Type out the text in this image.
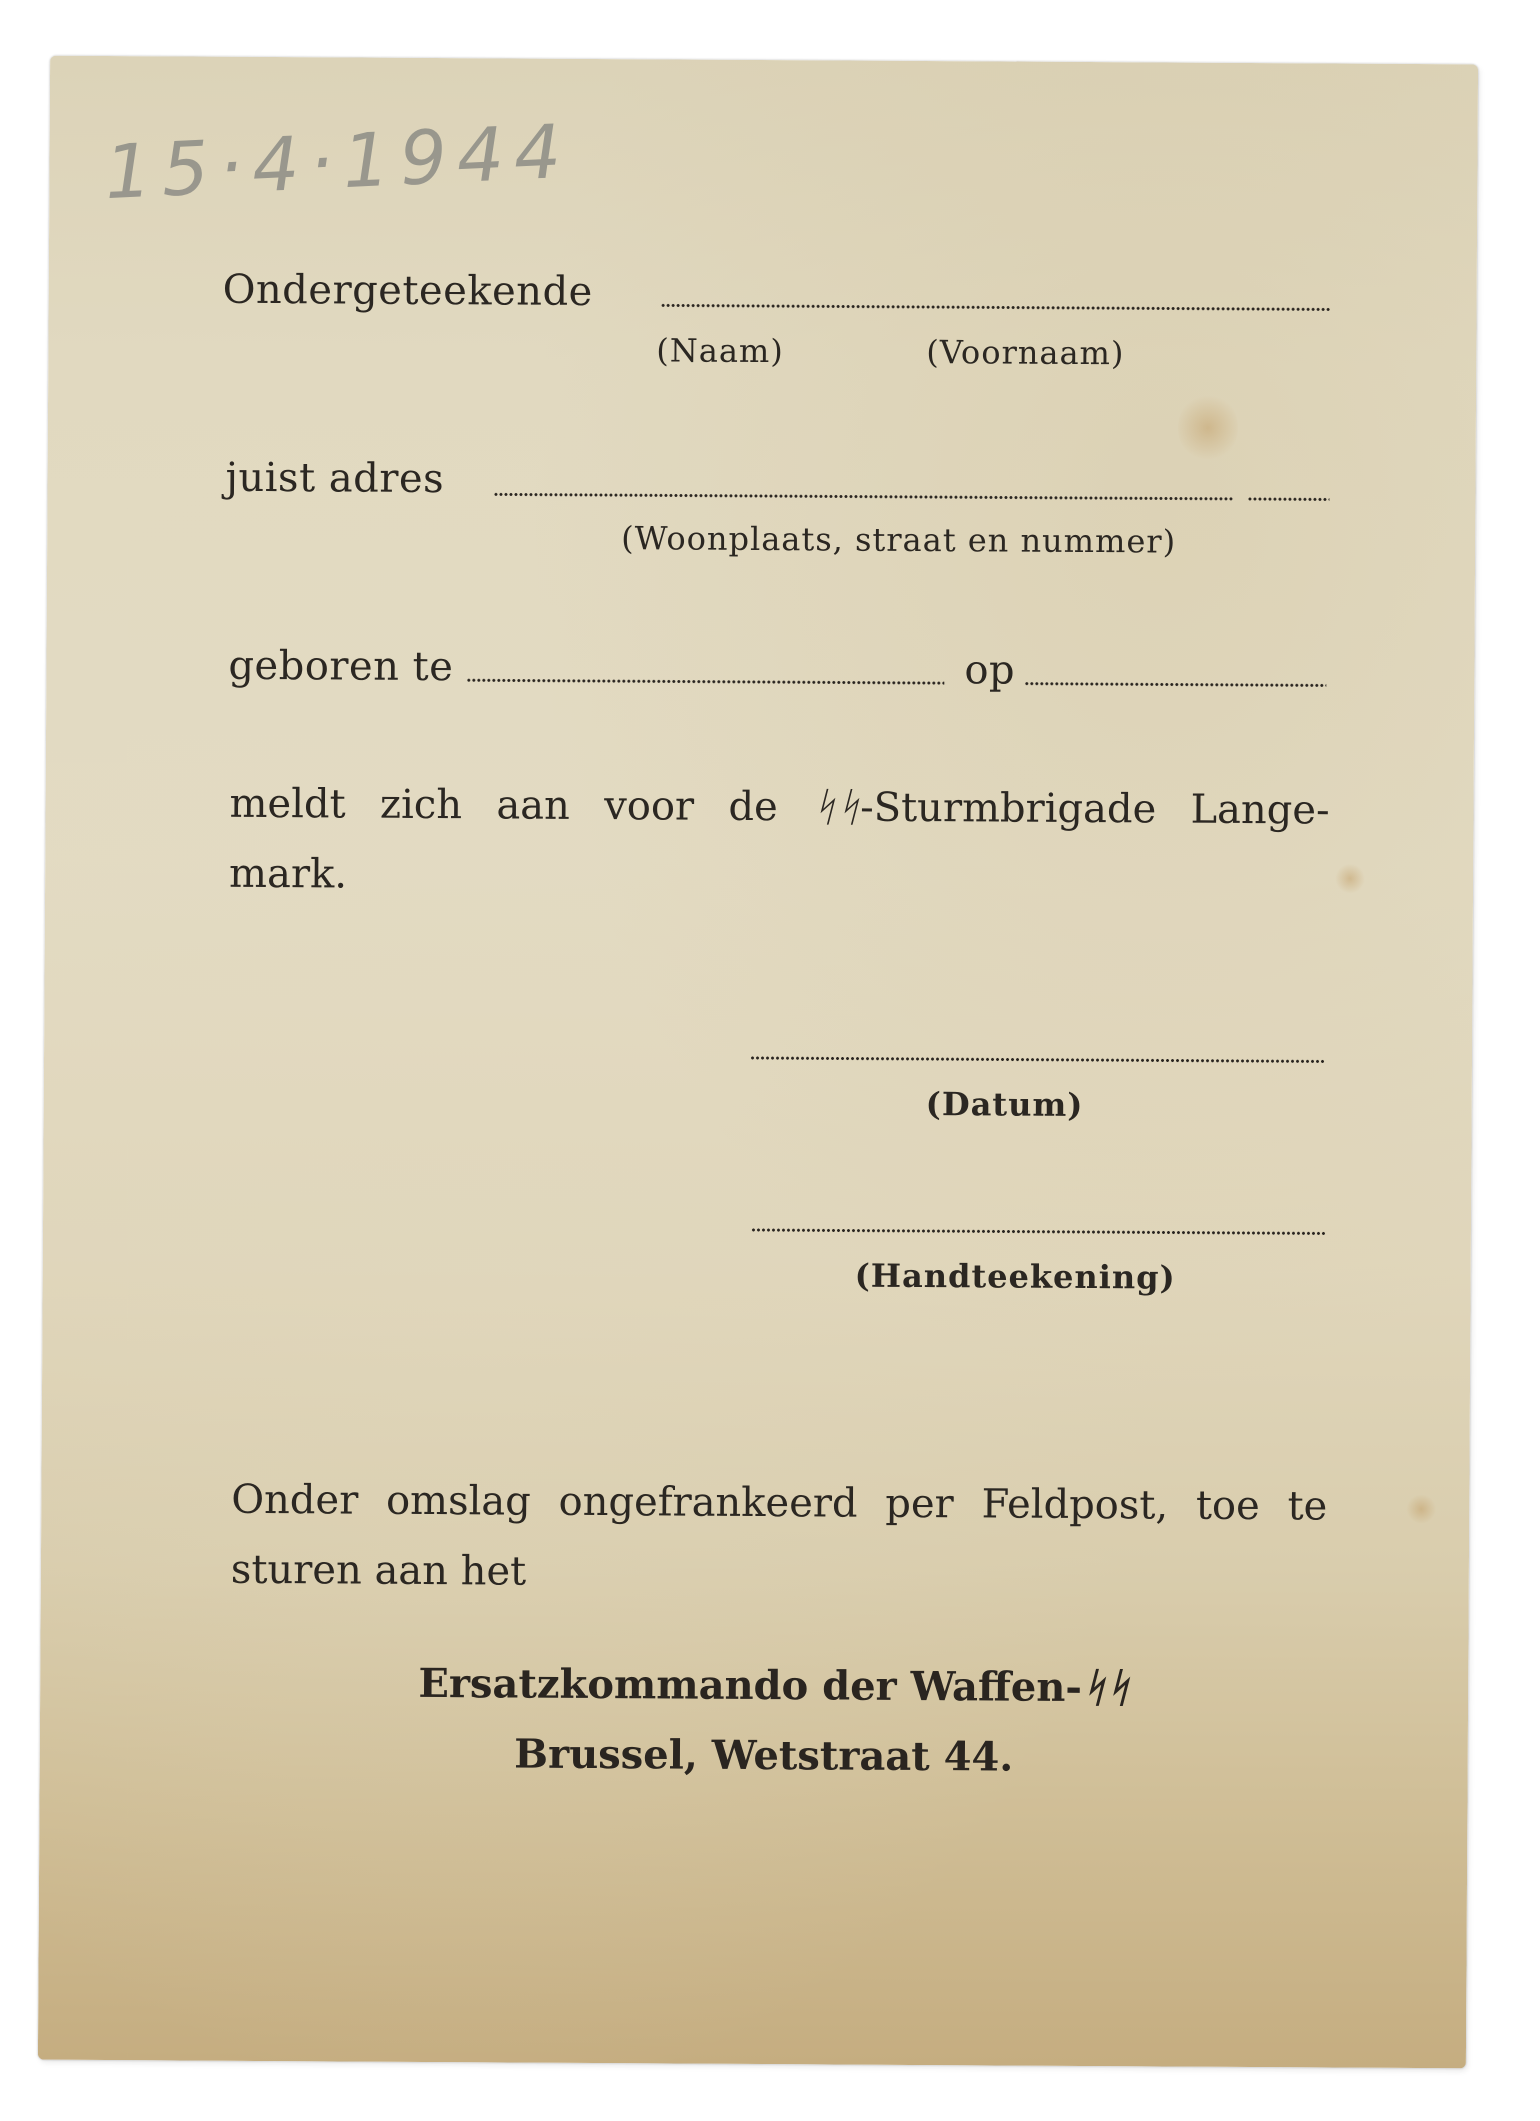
15·4·1944
Ondergeteekende
(Naam)	(Voornaam)
juist adres
(Woonplaats, straat en nummer)
geboren te	op
meldt zich aan voor de ᛋᛋ-Sturmbrigade Lange-
mark.
(Datum)
(Handteekening)
Onder omslag ongefrankeerd per Feldpost, toe te
sturen aan het
Ersatzkommando der Waffen-ᛋᛋ
Brussel, Wetstraat 44.
